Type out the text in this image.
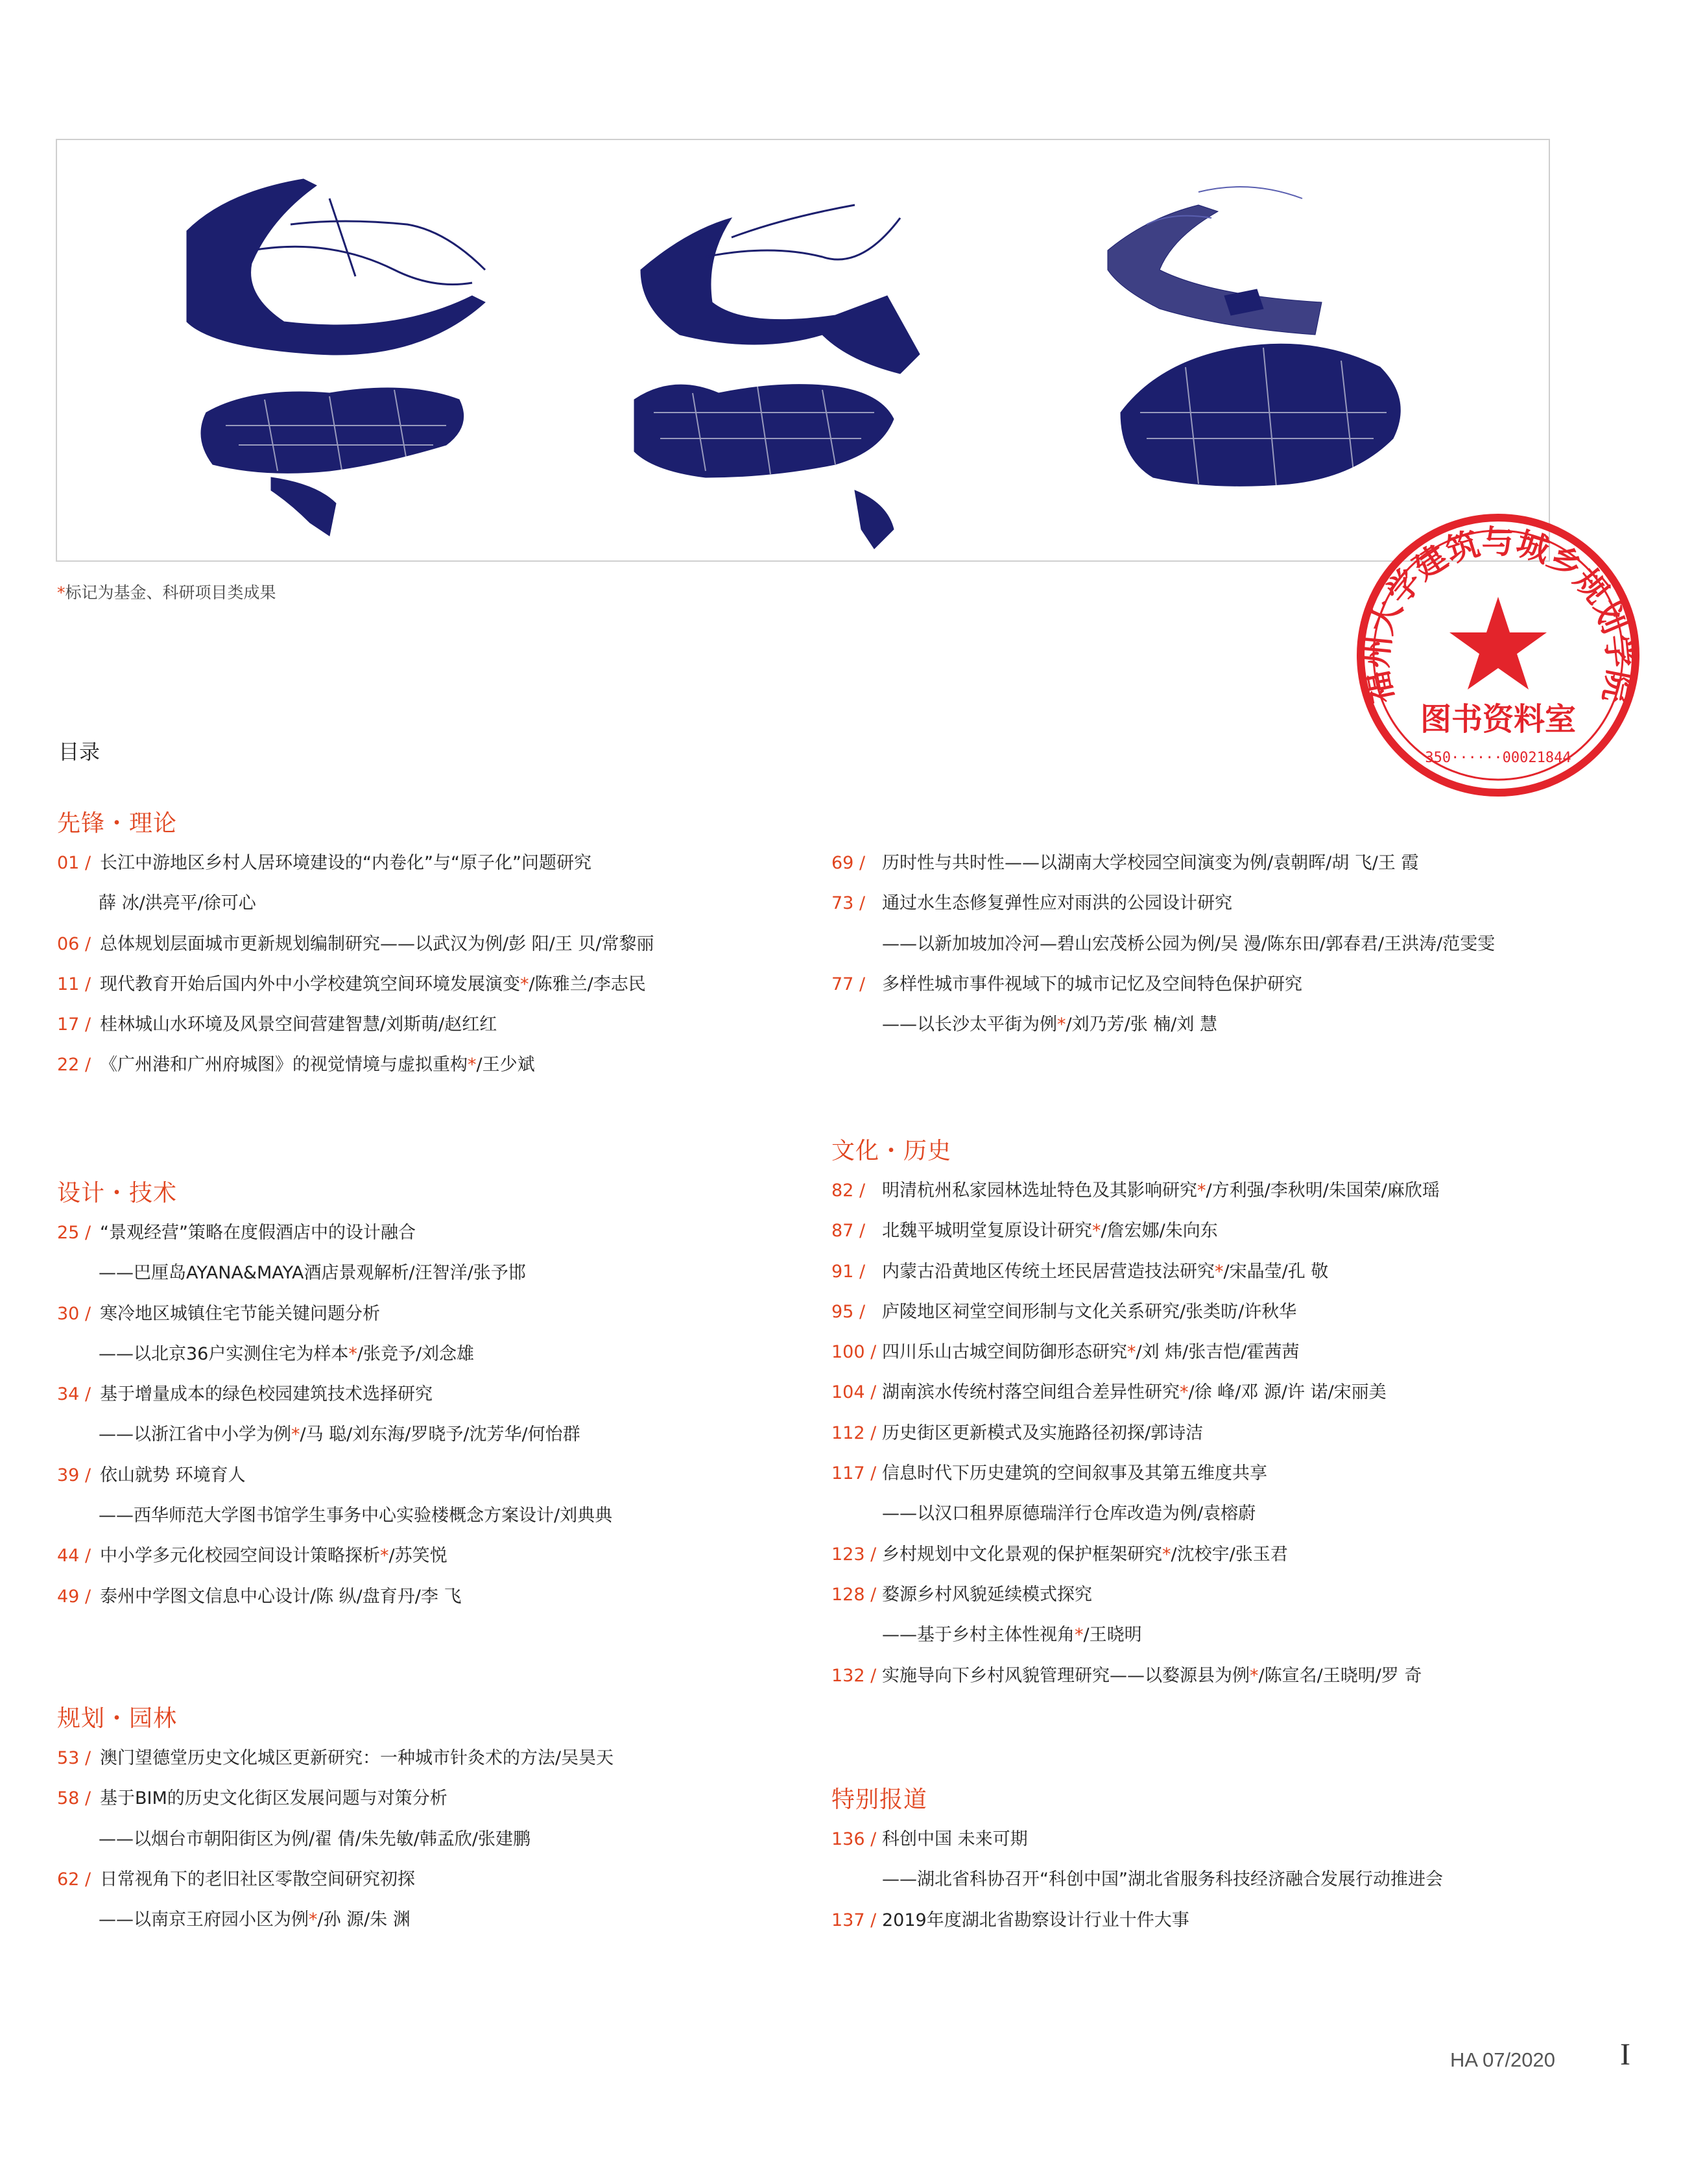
*标记为基金、科研项目类成果
福州大学建筑与城乡规划学院
图书资料室
350······00021844
目录
先锋・理论
01 / 长江中游地区乡村人居环境建设的“内卷化”与“原子化”问题研究
薛 冰/洪亮平/徐可心
06 / 总体规划层面城市更新规划编制研究——以武汉为例/彭 阳/王 贝/常黎丽
11 / 现代教育开始后国内外中小学校建筑空间环境发展演变*/陈雅兰/李志民
17 / 桂林城山水环境及风景空间营建智慧/刘斯萌/赵红红
22 / 《广州港和广州府城图》的视觉情境与虚拟重构*/王少斌
设计・技术
25 / “景观经营”策略在度假酒店中的设计融合
——巴厘岛AYANA&MAYA酒店景观解析/汪智洋/张予邯
30 / 寒冷地区城镇住宅节能关键问题分析
——以北京36户实测住宅为样本*/张竞予/刘念雄
34 / 基于增量成本的绿色校园建筑技术选择研究
——以浙江省中小学为例*/马 聪/刘东海/罗晓予/沈芳华/何怡群
39 / 依山就势 环境育人
——西华师范大学图书馆学生事务中心实验楼概念方案设计/刘典典
44 / 中小学多元化校园空间设计策略探析*/苏笑悦
49 / 泰州中学图文信息中心设计/陈 纵/盘育丹/李 飞
规划・园林
53 / 澳门望德堂历史文化城区更新研究：一种城市针灸术的方法/吴昊天
58 / 基于BIM的历史文化街区发展问题与对策分析
——以烟台市朝阳街区为例/翟 倩/朱先敏/韩孟欣/张建鹏
62 / 日常视角下的老旧社区零散空间研究初探
——以南京王府园小区为例*/孙 源/朱 渊
69 / 历时性与共时性——以湖南大学校园空间演变为例/袁朝晖/胡 飞/王 霞
73 / 通过水生态修复弹性应对雨洪的公园设计研究
——以新加坡加冷河—碧山宏茂桥公园为例/吴 漫/陈东田/郭春君/王洪涛/范雯雯
77 / 多样性城市事件视域下的城市记忆及空间特色保护研究
——以长沙太平街为例*/刘乃芳/张 楠/刘 慧
文化・历史
82 / 明清杭州私家园林选址特色及其影响研究*/方利强/李秋明/朱国荣/麻欣瑶
87 / 北魏平城明堂复原设计研究*/詹宏娜/朱向东
91 / 内蒙古沿黄地区传统土坯民居营造技法研究*/宋晶莹/孔 敬
95 / 庐陵地区祠堂空间形制与文化关系研究/张类昉/许秋华
100 / 四川乐山古城空间防御形态研究*/刘 炜/张吉恺/霍茜茜
104 / 湖南滨水传统村落空间组合差异性研究*/徐 峰/邓 源/许 诺/宋丽美
112 / 历史街区更新模式及实施路径初探/郭诗洁
117 / 信息时代下历史建筑的空间叙事及其第五维度共享
——以汉口租界原德瑞洋行仓库改造为例/袁榕蔚
123 / 乡村规划中文化景观的保护框架研究*/沈校宇/张玉君
128 / 婺源乡村风貌延续模式探究
——基于乡村主体性视角*/王晓明
132 / 实施导向下乡村风貌管理研究——以婺源县为例*/陈宣名/王晓明/罗 奇
特别报道
136 / 科创中国 未来可期
——湖北省科协召开“科创中国”湖北省服务科技经济融合发展行动推进会
137 / 2019年度湖北省勘察设计行业十件大事
HA 07/2020 I
